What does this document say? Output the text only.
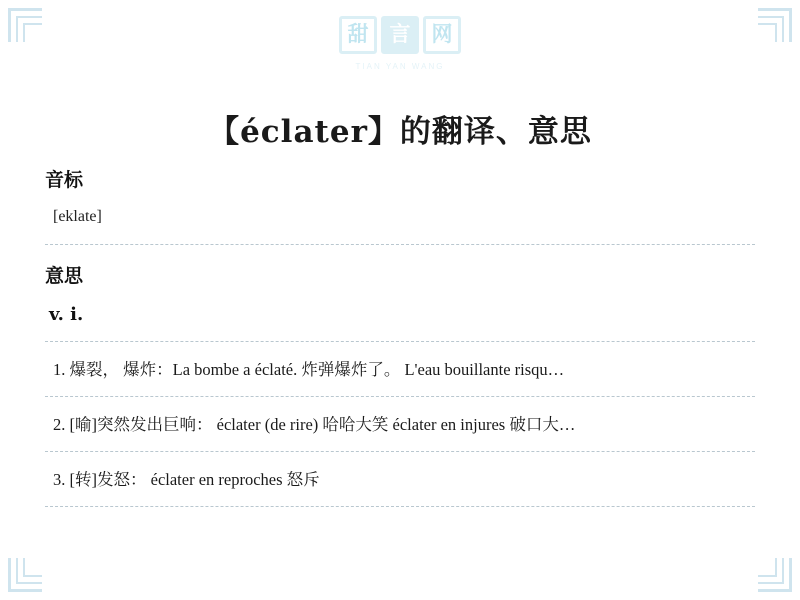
甜	言	网
TIAN YAN WANG
【éclater】的翻译、意思
音标
[eklate]
意思
v. i.
1. 爆裂， 爆炸：La bombe a éclaté. 炸弹爆炸了。 L'eau bouillante risqu…
2. [喻]突然发出巨响： éclater (de rire) 哈哈大笑 éclater en injures 破口大…
3. [转]发怒： éclater en reproches 怒斥
